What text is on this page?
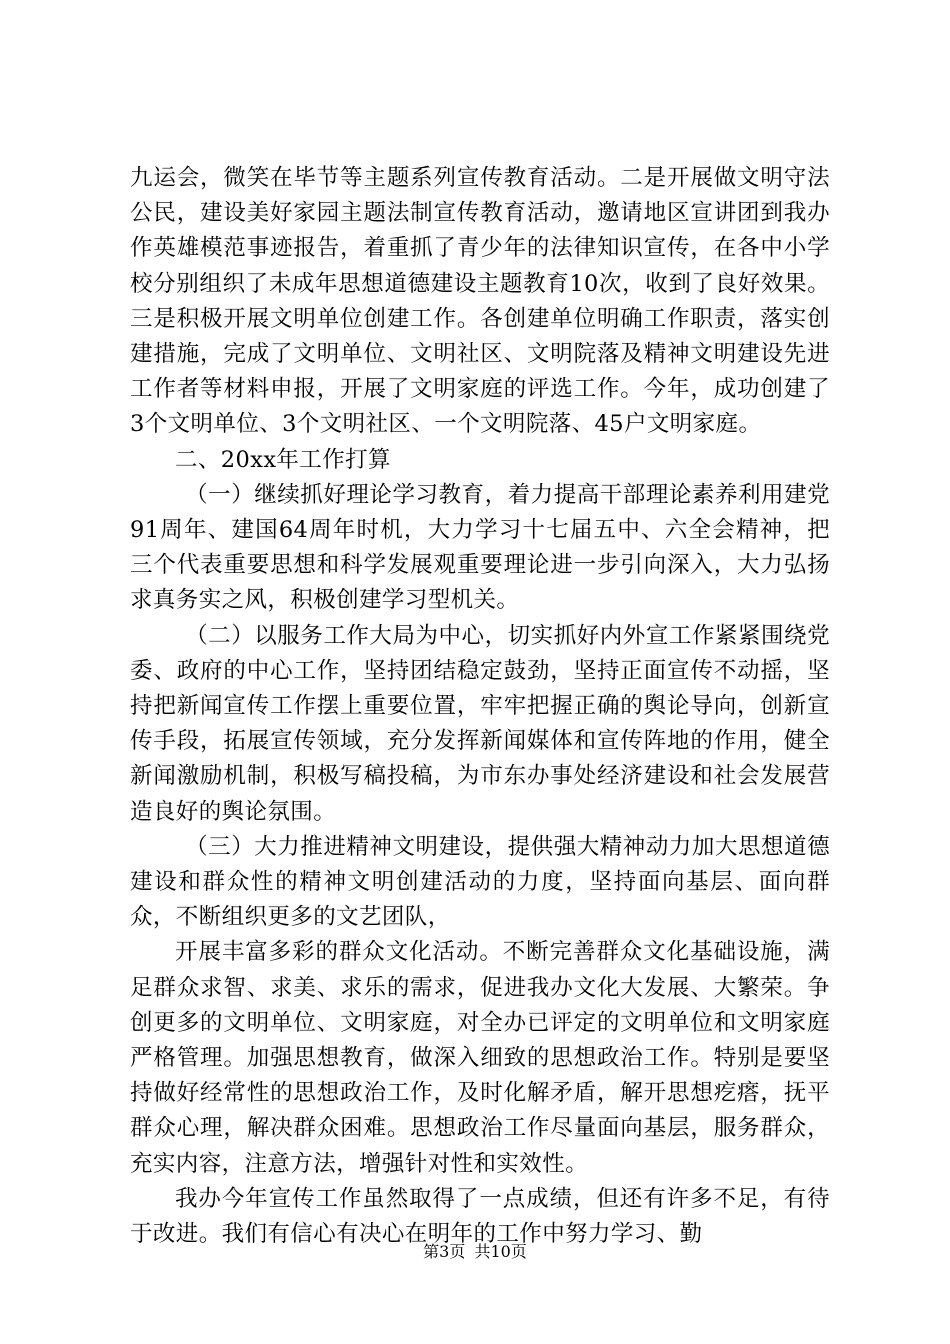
九运会，微笑在毕节等主题系列宣传教育活动。二是开展做文明守法公民，建设美好家园主题法制宣传教育活动，邀请地区宣讲团到我办作英雄模范事迹报告，着重抓了青少年的法律知识宣传，在各中小学校分别组织了未成年思想道德建设主题教育10次，收到了良好效果。三是积极开展文明单位创建工作。各创建单位明确工作职责，落实创建措施，完成了文明单位、文明社区、文明院落及精神文明建设先进工作者等材料申报，开展了文明家庭的评选工作。今年，成功创建了3个文明单位、3个文明社区、一个文明院落、45户文明家庭。

二、20xx年工作打算

（一）继续抓好理论学习教育，着力提高干部理论素养利用建党91周年、建国64周年时机，大力学习十七届五中、六全会精神，把三个代表重要思想和科学发展观重要理论进一步引向深入，大力弘扬求真务实之风，积极创建学习型机关。

（二）以服务工作大局为中心，切实抓好内外宣工作紧紧围绕党委、政府的中心工作，坚持团结稳定鼓劲，坚持正面宣传不动摇，坚持把新闻宣传工作摆上重要位置，牢牢把握正确的舆论导向，创新宣传手段，拓展宣传领域，充分发挥新闻媒体和宣传阵地的作用，健全新闻激励机制，积极写稿投稿，为市东办事处经济建设和社会发展营造良好的舆论氛围。

（三）大力推进精神文明建设，提供强大精神动力加大思想道德建设和群众性的精神文明创建活动的力度，坚持面向基层、面向群众，不断组织更多的文艺团队，

开展丰富多彩的群众文化活动。不断完善群众文化基础设施，满足群众求智、求美、求乐的需求，促进我办文化大发展、大繁荣。争创更多的文明单位、文明家庭，对全办已评定的文明单位和文明家庭严格管理。加强思想教育，做深入细致的思想政治工作。特别是要坚持做好经常性的思想政治工作，及时化解矛盾，解开思想疙瘩，抚平群众心理，解决群众困难。思想政治工作尽量面向基层，服务群众，充实内容，注意方法，增强针对性和实效性。

我办今年宣传工作虽然取得了一点成绩，但还有许多不足，有待于改进。我们有信心有决心在明年的工作中努力学习、勤

第3页 共10页
